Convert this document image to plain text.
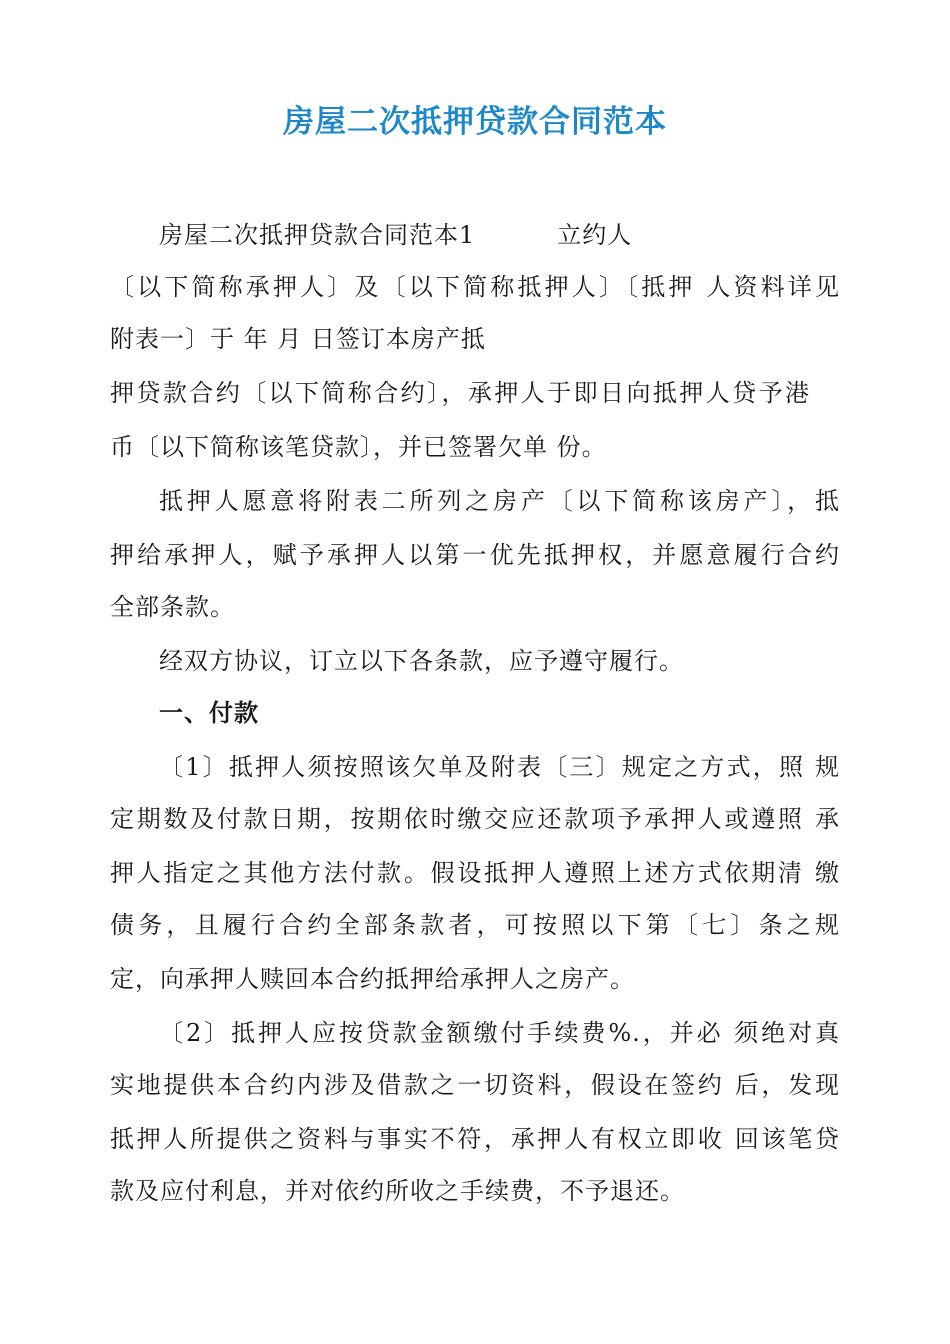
房屋二次抵押贷款合同范本

房屋二次抵押贷款合同范本1	立约人

〔以下简称承押人〕及〔以下简称抵押人〕〔抵押 人资料详见

附表一〕于 年 月 日签订本房产抵

押贷款合约〔以下简称合约〕，承押人于即日向抵押人贷予港

币〔以下简称该笔贷款〕，并已签署欠单 份。

抵押人愿意将附表二所列之房产〔以下简称该房产〕，抵

押给承押人，赋予承押人以第一优先抵押权，并愿意履行合约

全部条款。

经双方协议，订立以下各条款，应予遵守履行。

一、付款

〔1〕抵押人须按照该欠单及附表〔三〕规定之方式，照 规

定期数及付款日期，按期依时缴交应还款项予承押人或遵照 承

押人指定之其他方法付款。假设抵押人遵照上述方式依期清 缴

债务，且履行合约全部条款者，可按照以下第〔七〕条之规

定，向承押人赎回本合约抵押给承押人之房产。

〔2〕抵押人应按贷款金额缴付手续费%.，并必 须绝对真

实地提供本合约内涉及借款之一切资料，假设在签约 后，发现

抵押人所提供之资料与事实不符，承押人有权立即收 回该笔贷

款及应付利息，并对依约所收之手续费，不予退还。
